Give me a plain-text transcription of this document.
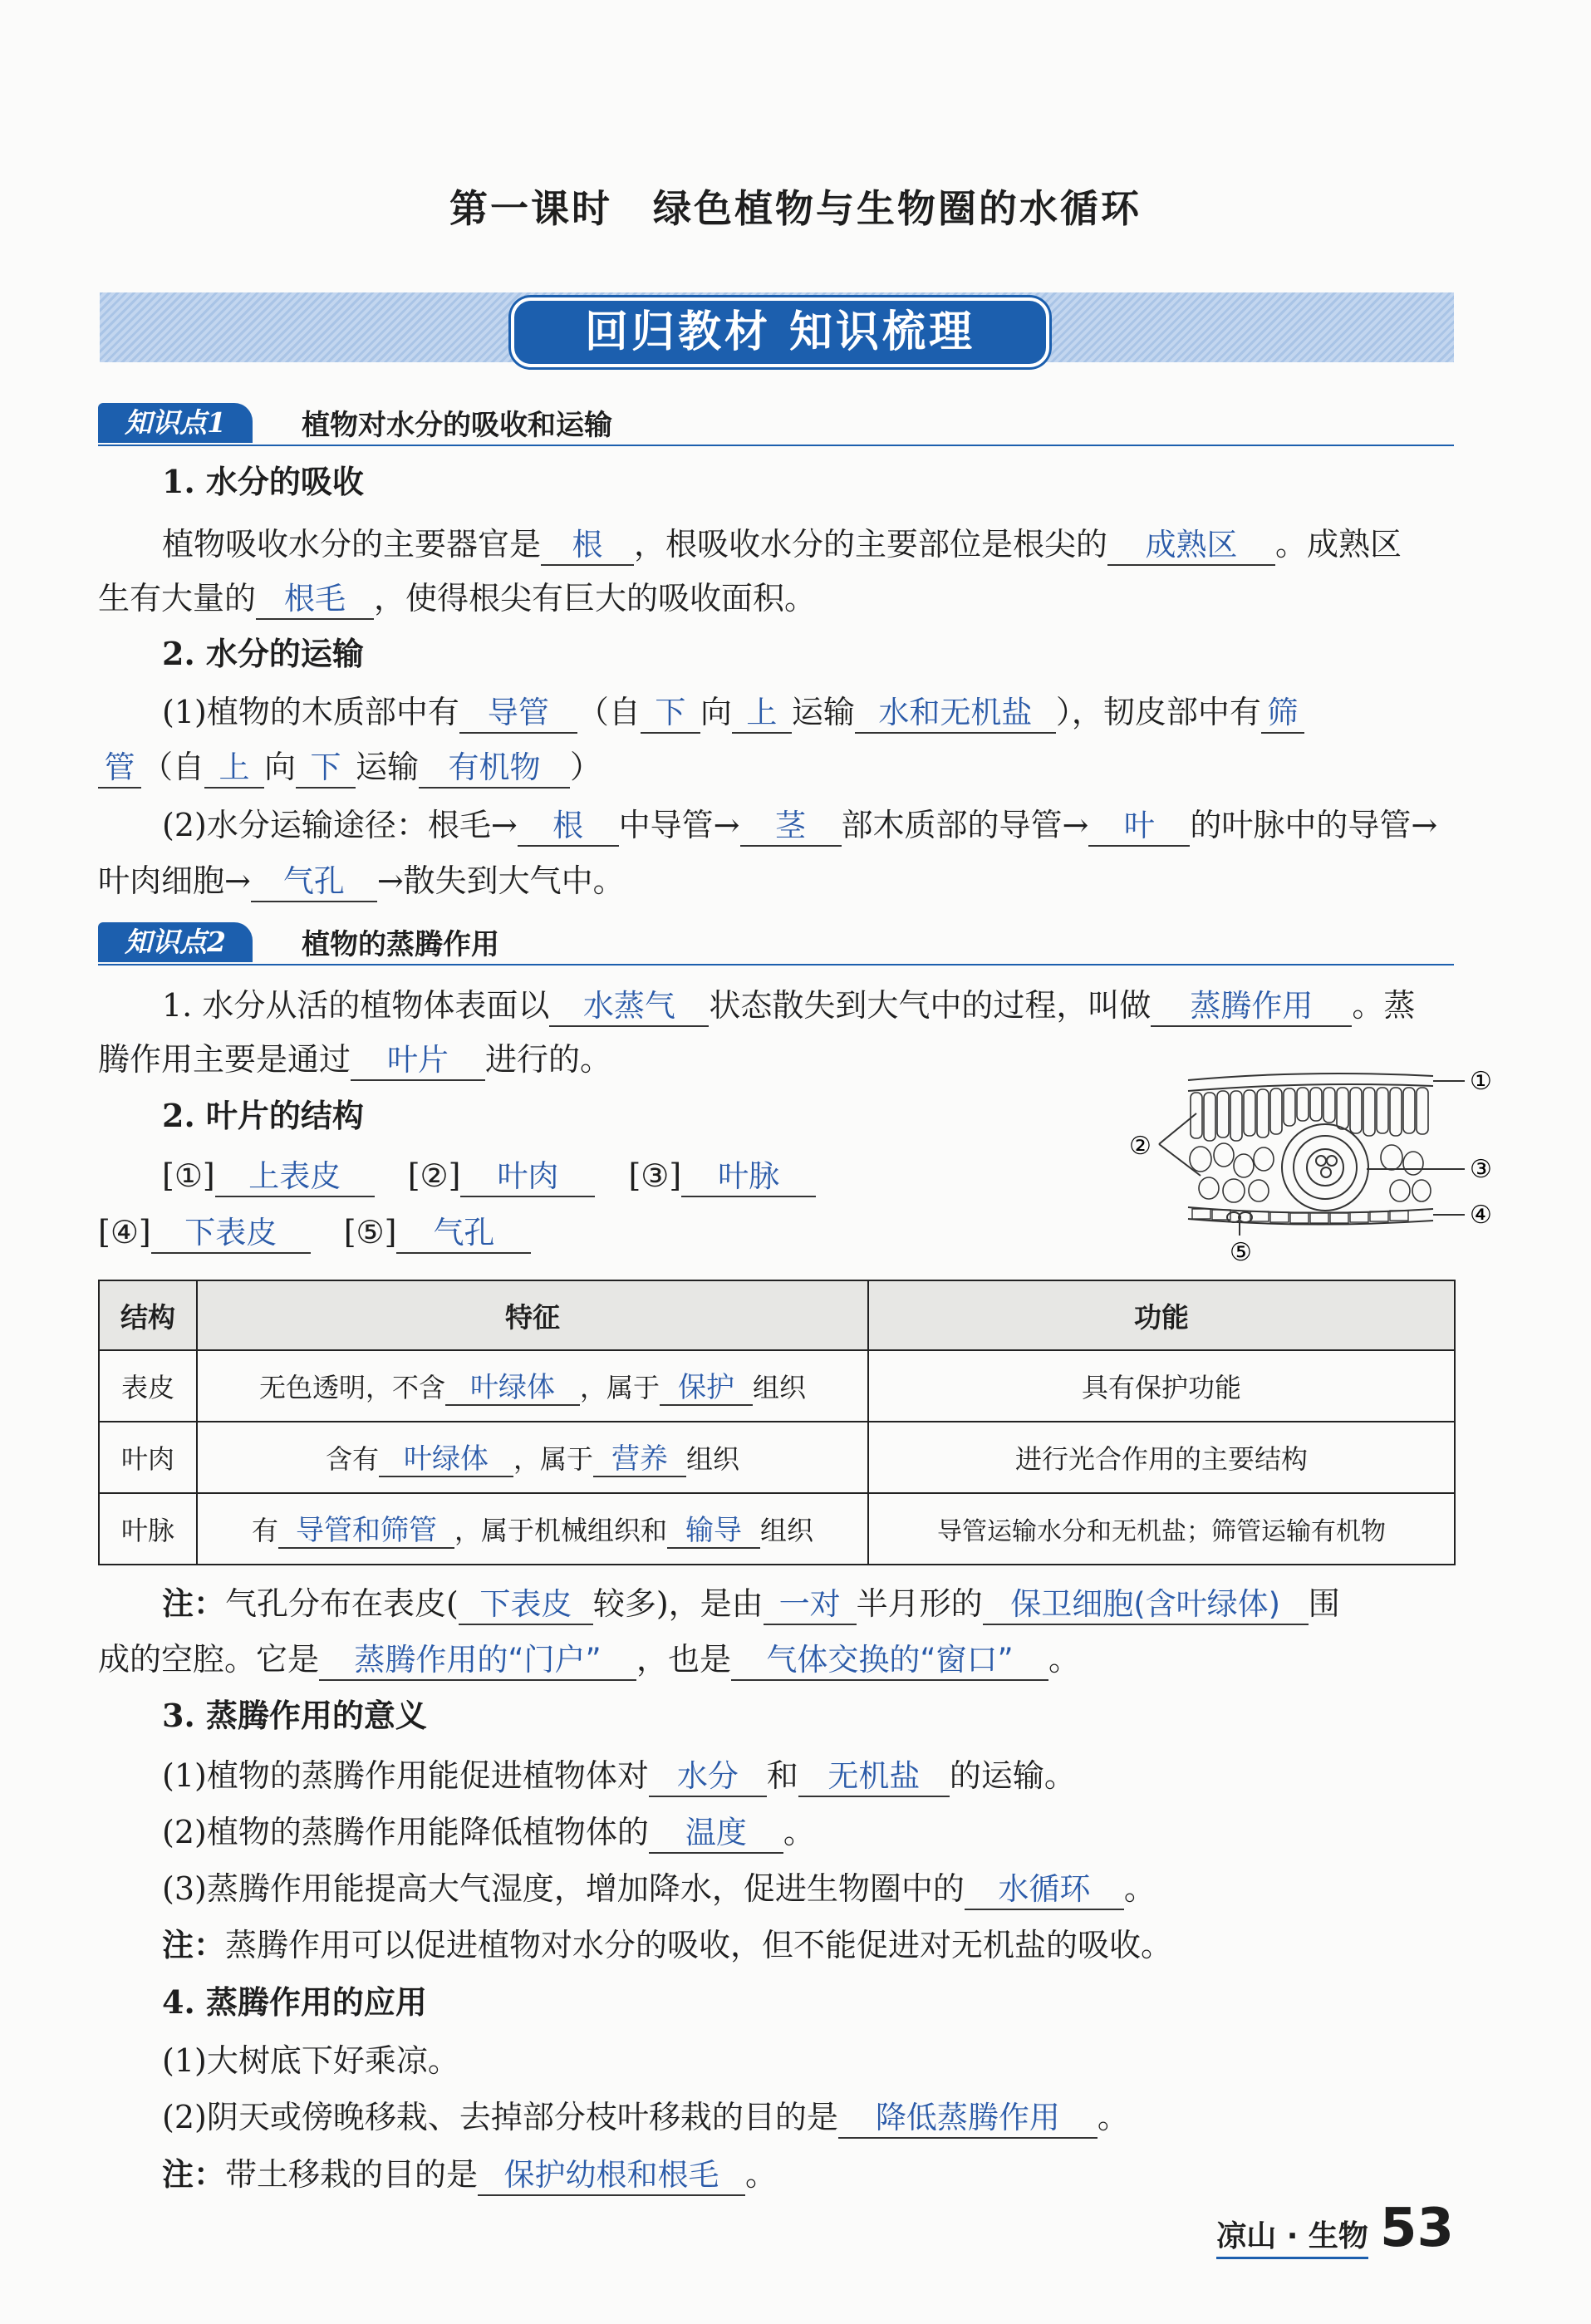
第一课时　绿色植物与生物圈的水循环
回归教材 知识梳理
知识点1	植物对水分的吸收和运输
1. 水分的吸收
植物吸收水分的主要器官是 根 ，根吸收水分的主要部位是根尖的 成熟区 。成熟区
生有大量的 根毛 ，使得根尖有巨大的吸收面积。
2. 水分的运输
(1)植物的木质部中有 导管 （自 下 向 上 运输 水和无机盐 ），韧皮部中有 筛
管 （自 上 向 下 运输 有机物 ）
(2)水分运输途径：根毛→ 根 中导管→ 茎 部木质部的导管→ 叶 的叶脉中的导管→
叶肉细胞→ 气孔 →散失到大气中。
知识点2	植物的蒸腾作用
1. 水分从活的植物体表面以 水蒸气 状态散失到大气中的过程，叫做 蒸腾作用 。蒸
腾作用主要是通过 叶片 进行的。
2. 叶片的结构
[①] 上表皮 [②] 叶肉 [③] 叶脉
[④] 下表皮 [⑤] 气孔
①
②
③
④
⑤
结构	特征	功能
表皮	无色透明，不含 叶绿体 ，属于 保护 组织	具有保护功能
叶肉	含有 叶绿体 ，属于 营养 组织	进行光合作用的主要结构
叶脉	有 导管和筛管 ，属于机械组织和 输导 组织	导管运输水分和无机盐；筛管运输有机物
注：气孔分布在表皮( 下表皮 较多)，是由 一对 半月形的 保卫细胞(含叶绿体) 围
成的空腔。它是 蒸腾作用的“门户” ，也是 气体交换的“窗口” 。
3. 蒸腾作用的意义
(1)植物的蒸腾作用能促进植物体对 水分 和 无机盐 的运输。
(2)植物的蒸腾作用能降低植物体的 温度 。
(3)蒸腾作用能提高大气湿度，增加降水，促进生物圈中的 水循环 。
注：蒸腾作用可以促进植物对水分的吸收，但不能促进对无机盐的吸收。
4. 蒸腾作用的应用
(1)大树底下好乘凉。
(2)阴天或傍晚移栽、去掉部分枝叶移栽的目的是 降低蒸腾作用 。
注：带土移栽的目的是 保护幼根和根毛 。
凉山 · 生物 53
